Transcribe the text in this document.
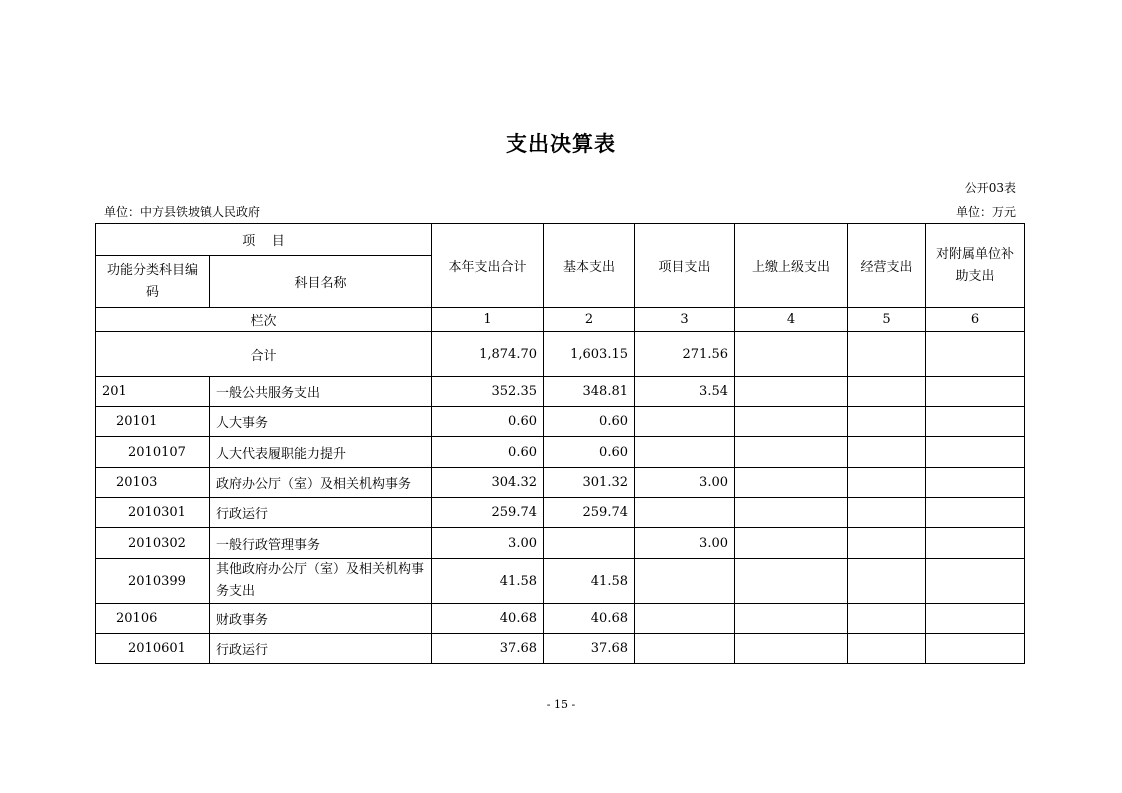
支出决算表
公开03表
单位：中方县铁坡镇人民政府	单位：万元
项    目		本年支出合计	基本支出	项目支出	上缴上级支出	经营支出	对附属单位补助支出
功能分类科目编码	科目名称						
栏次		1	2	3	4	5	6
合计		1,874.70	1,603.15	271.56			
201	一般公共服务支出	352.35	348.81	3.54			
20101	人大事务	0.60	0.60				
2010107	人大代表履职能力提升	0.60	0.60				
20103	政府办公厅（室）及相关机构事务	304.32	301.32	3.00			
2010301	行政运行	259.74	259.74				
2010302	一般行政管理事务	3.00		3.00			
2010399	其他政府办公厅（室）及相关机构事务支出	41.58	41.58				
20106	财政事务	40.68	40.68				
2010601	行政运行	37.68	37.68				
- 15 -
